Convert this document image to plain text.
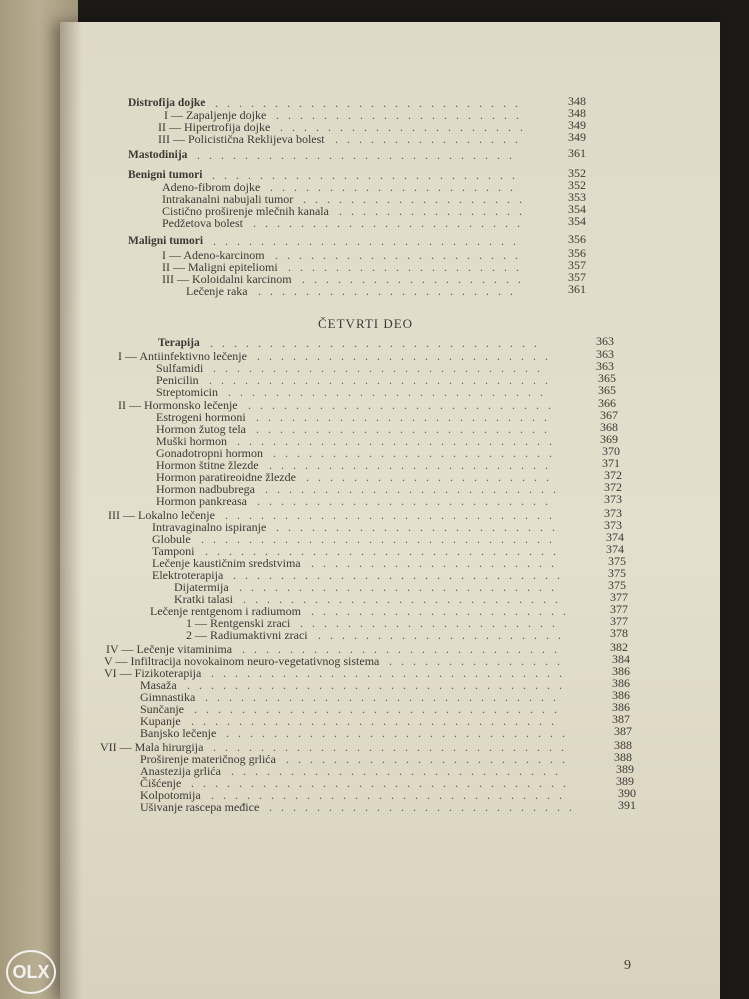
Distrofija dojke ..........................	348
I — Zapaljenje dojke .....................	348
II — Hipertrofija dojke .....................	349
III — Policistična Reklijeva bolest ................	349
Mastodinija ...........................	361
Benigni tumori ..........................	352
Adeno-fibrom dojke .....................	352
Intrakanalni nabujali tumor ...................	353
Cistično proširenje mlečnih kanala ................	354
Pedžetova bolest .......................	354
Maligni tumori ..........................	356
I — Adeno-karcinom .....................	356
II — Maligni epiteliomi ....................	357
III — Koloidalni karcinom ...................	357
Lečenje raka ......................	361
ČETVRTI DEO
Terapija ............................	363
I — Antiinfektivno lečenje .........................	363
Sulfamidi ............................	363
Penicilin .............................	365
Streptomicin ...........................	365
II — Hormonsko lečenje ..........................	366
Estrogeni hormoni .........................	367
Hormon žutog tela .........................	368
Muški hormon ...........................	369
Gonadotropni hormon ........................	370
Hormon štitne žlezde ........................	371
Hormon paratireoidne žlezde .....................	372
Hormon nadbubrega .........................	372
Hormon pankreasa .........................	373
III — Lokalno lečenje ............................	373
Intravaginalno ispiranje ........................	373
Globule ..............................	374
Tamponi ..............................	374
Lečenje kaustičnim sredstvima .....................	375
Elektroterapija ............................	375
Dijatermija ...........................	375
Kratki talasi ...........................	377
Lečenje rentgenom i radiumom ......................	377
1 — Rentgenski zraci ......................	377
2 — Radiumaktivni zraci .....................	378
IV — Lečenje vitaminima ...........................	382
V — Infiltracija novokainom neuro-vegetativnog sistema ...............	384
VI — Fizikoterapija ..............................	386
Masaža ................................	386
Gimnastika ..............................	386
Sunčanje ...............................	386
Kupanje ...............................	387
Banjsko lečenje .............................	387
VII — Mala hirurgija ..............................	388
Proširenje materičnog grlića ........................	388
Anastezija grlića ............................	389
Čišćenje ................................	389
Kolpotomija ..............................	390
Ušivanje rascepa međice ..........................	391
9
OLX
